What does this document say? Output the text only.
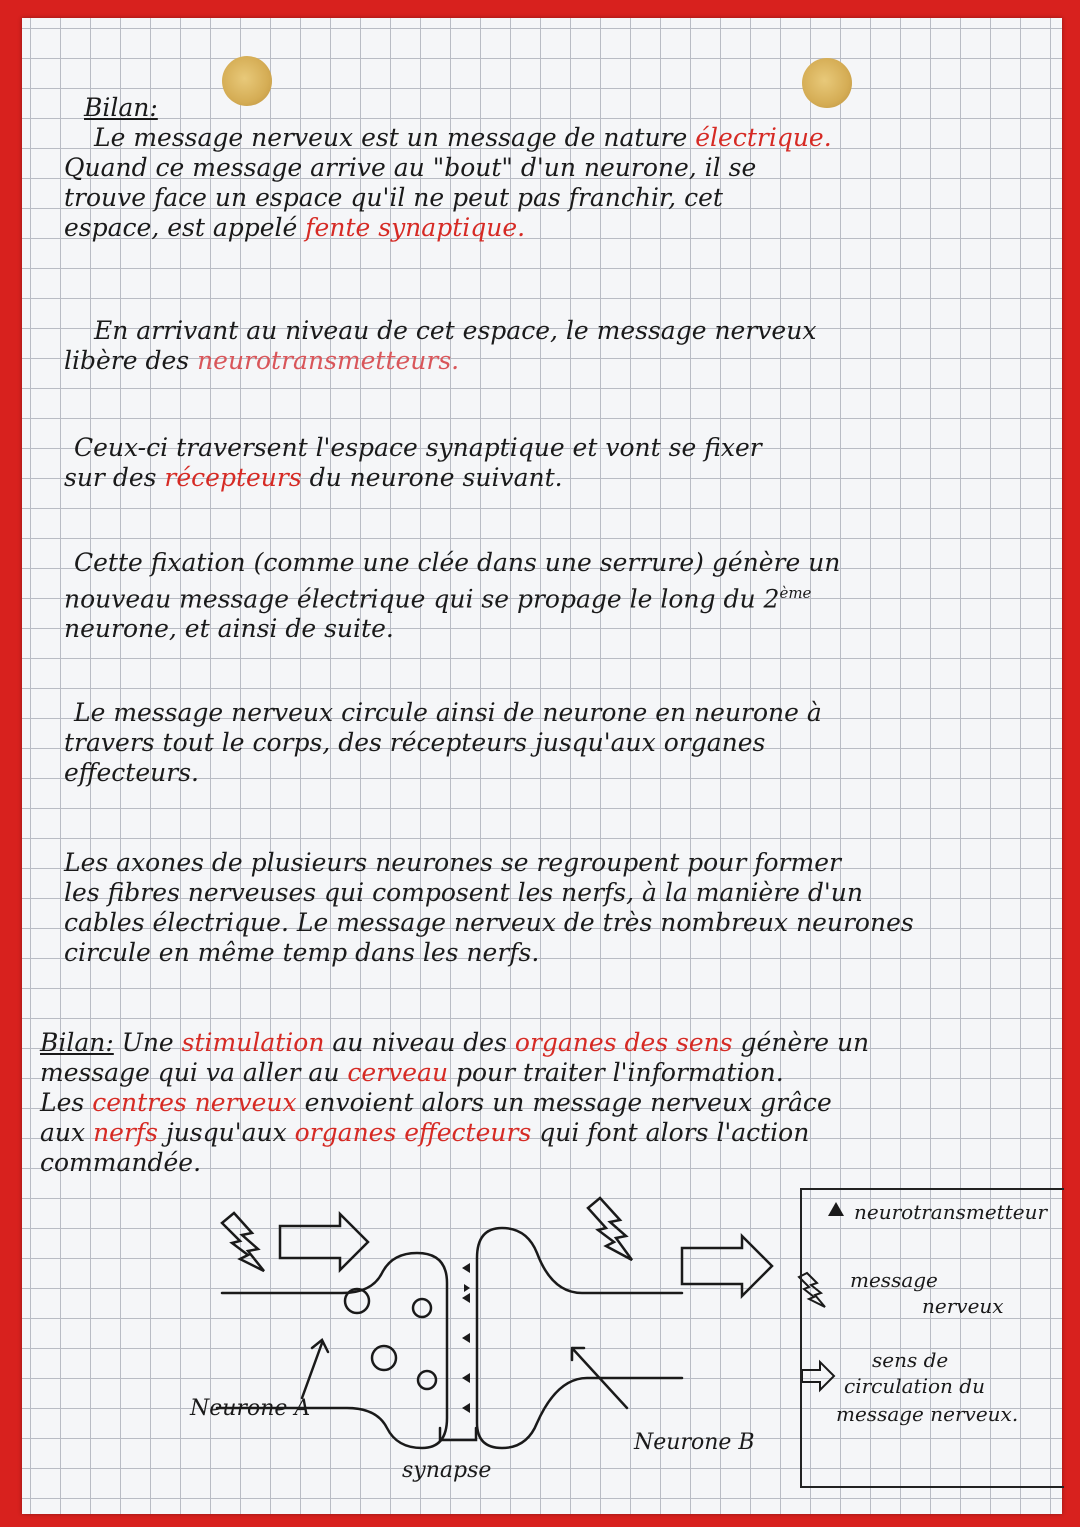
Bilan:

Le message nerveux est un message de nature électrique.

Quand ce message arrive au "bout" d'un neurone, il se

trouve face un espace qu'il ne peut pas franchir, cet

espace, est appelé fente synaptique.

En arrivant au niveau de cet espace, le message nerveux

libère des neurotransmetteurs.

Ceux-ci traversent l'espace synaptique et vont se fixer

sur des récepteurs du neurone suivant.

Cette fixation (comme une clée dans une serrure) génère un

nouveau message électrique qui se propage le long du 2ème

neurone, et ainsi de suite.

Le message nerveux circule ainsi de neurone en neurone à

travers tout le corps, des récepteurs jusqu'aux organes

effecteurs.

Les axones de plusieurs neurones se regroupent pour former

les fibres nerveuses qui composent les nerfs, à la manière d'un

cables électrique. Le message nerveux de très nombreux neurones

circule en même temp dans les nerfs.

Bilan: Une stimulation au niveau des organes des sens génère un

message qui va aller au cerveau pour traiter l'information.

Les centres nerveux envoient alors un message nerveux grâce

aux nerfs jusqu'aux organes effecteurs qui font alors l'action

commandée.

Neurone A
Neurone B
synapse
neurotransmetteur
message
nerveux
sens de
circulation du
message nerveux.
